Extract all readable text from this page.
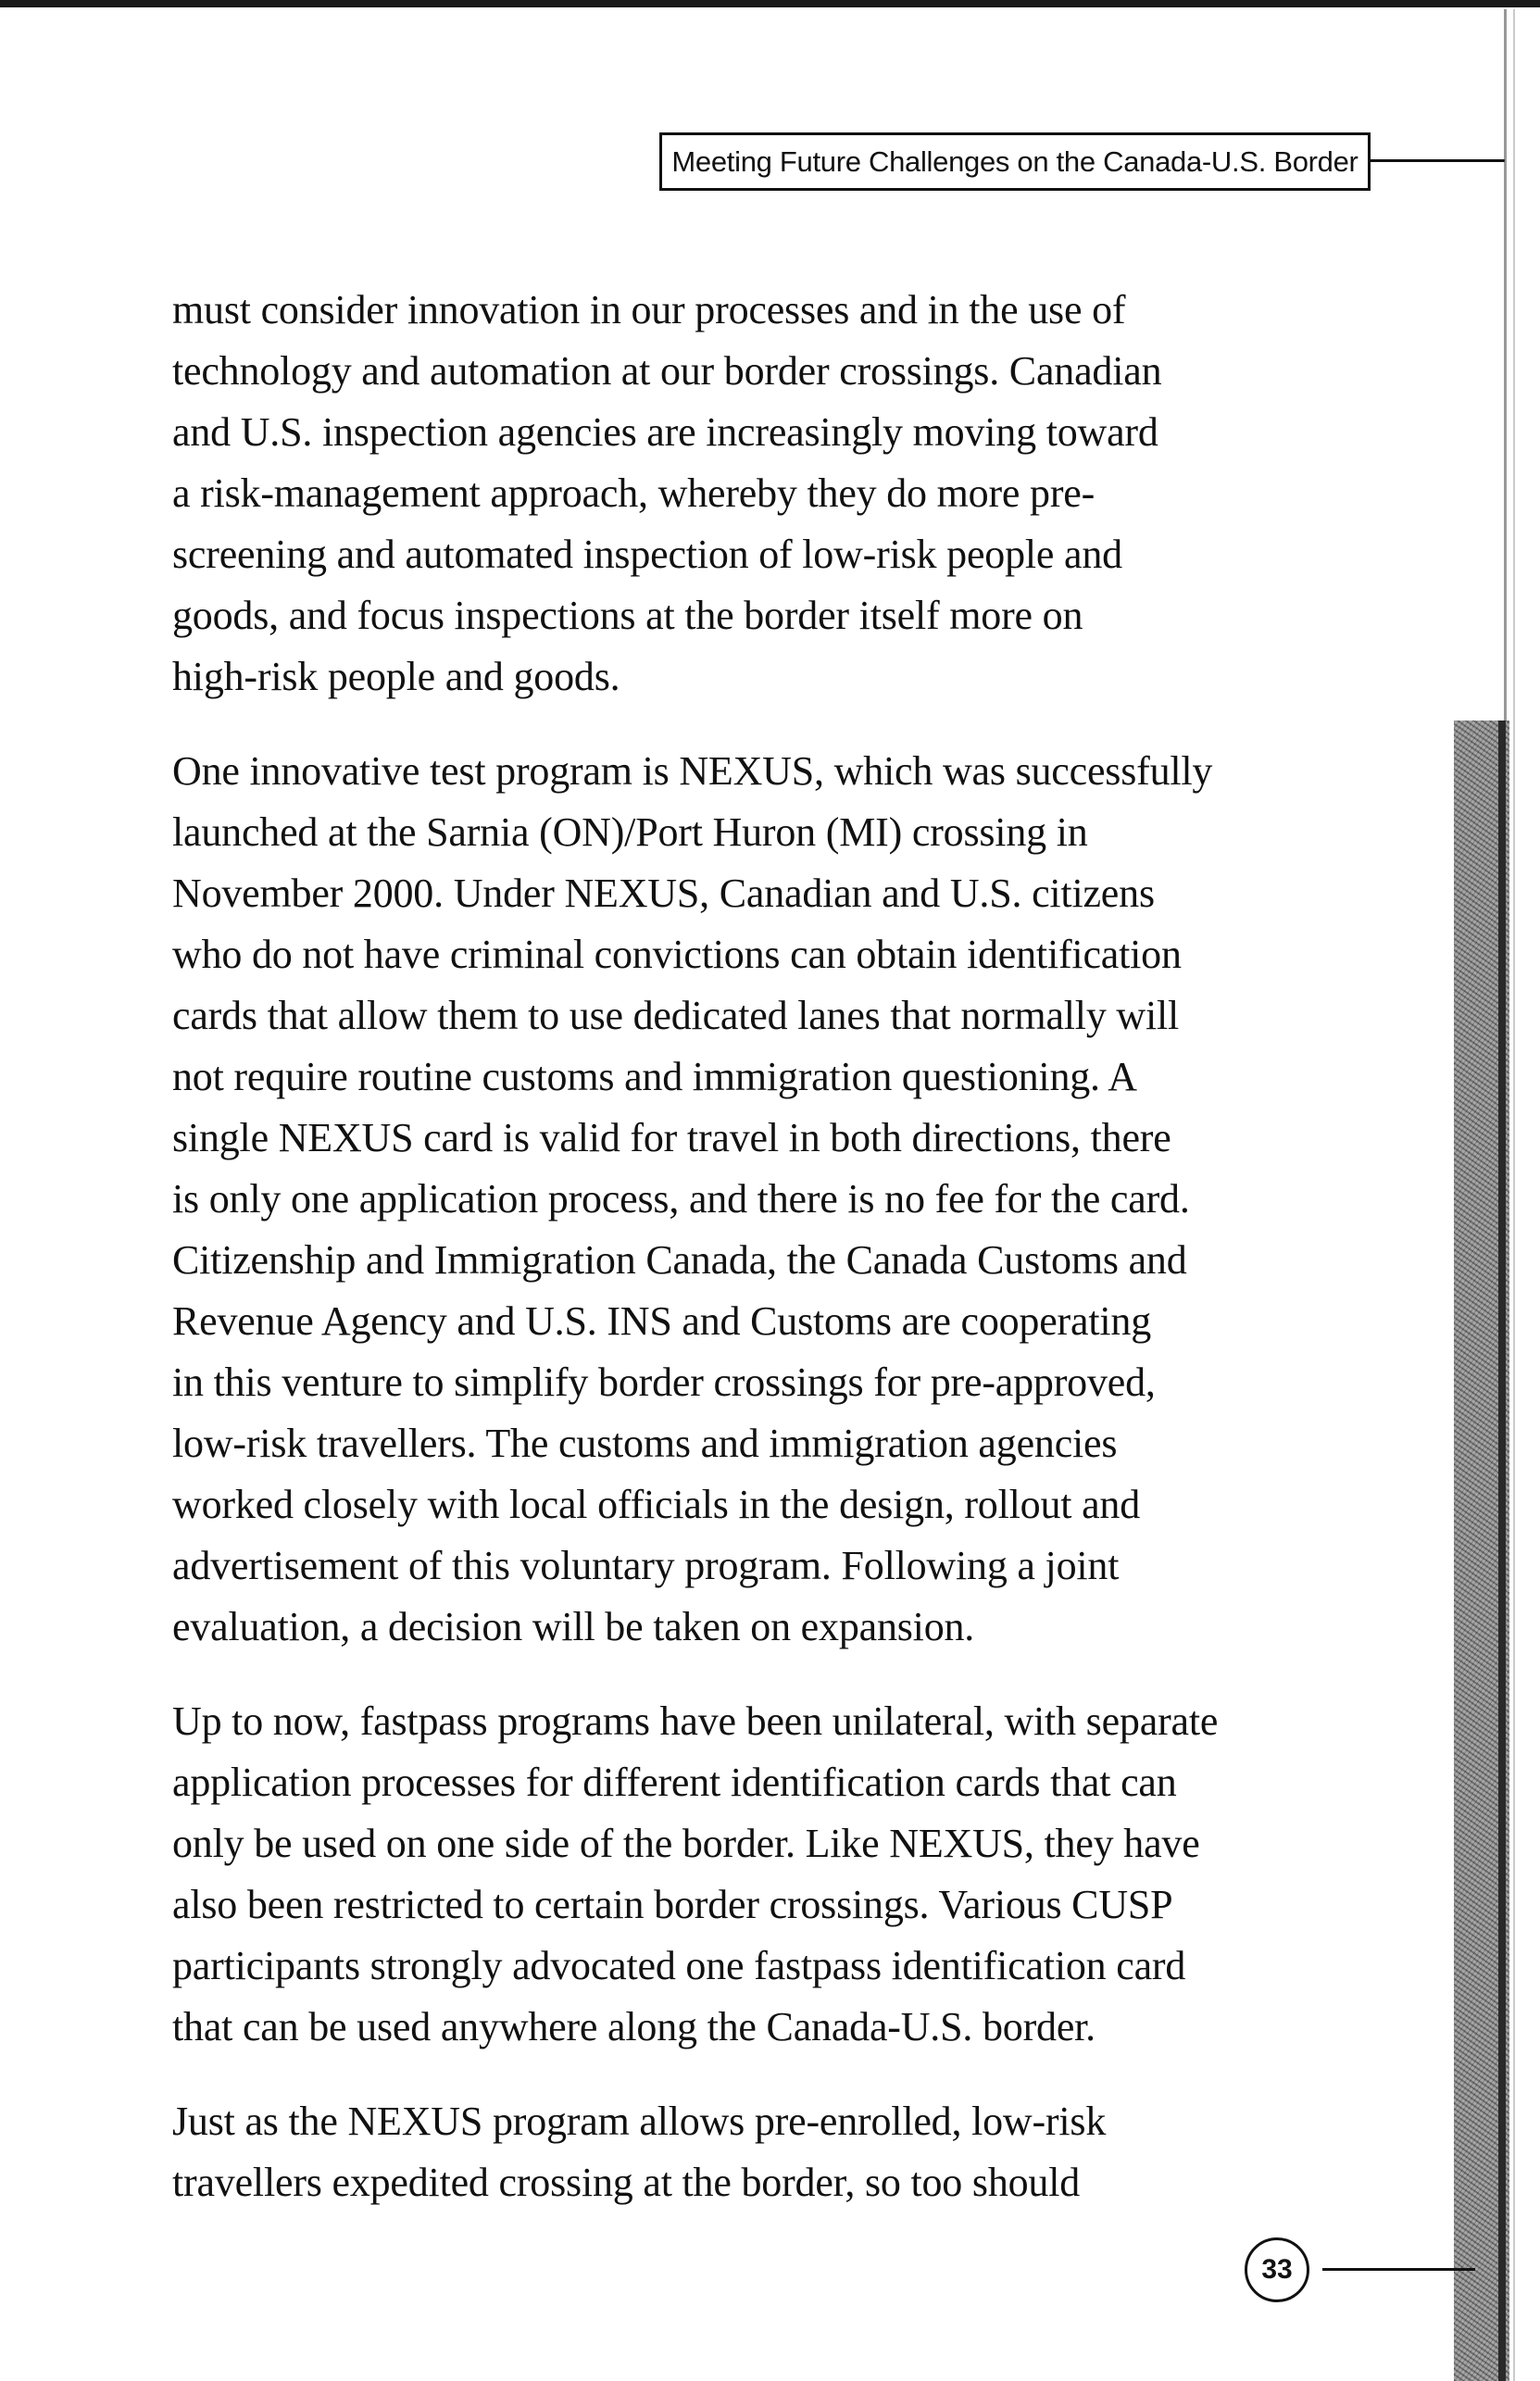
Meeting Future Challenges on the Canada-U.S. Border
must consider innovation in our processes and in the use of
technology and automation at our border crossings. Canadian
and U.S. inspection agencies are increasingly moving toward
a risk-management approach, whereby they do more pre-
screening and automated inspection of low-risk people and
goods, and focus inspections at the border itself more on
high-risk people and goods.
One innovative test program is NEXUS, which was successfully
launched at the Sarnia (ON)/Port Huron (MI) crossing in
November 2000. Under NEXUS, Canadian and U.S. citizens
who do not have criminal convictions can obtain identification
cards that allow them to use dedicated lanes that normally will
not require routine customs and immigration questioning. A
single NEXUS card is valid for travel in both directions, there
is only one application process, and there is no fee for the card.
Citizenship and Immigration Canada, the Canada Customs and
Revenue Agency and U.S. INS and Customs are cooperating
in this venture to simplify border crossings for pre-approved,
low-risk travellers. The customs and immigration agencies
worked closely with local officials in the design, rollout and
advertisement of this voluntary program. Following a joint
evaluation, a decision will be taken on expansion.
Up to now, fastpass programs have been unilateral, with separate
application processes for different identification cards that can
only be used on one side of the border. Like NEXUS, they have
also been restricted to certain border crossings. Various CUSP
participants strongly advocated one fastpass identification card
that can be used anywhere along the Canada-U.S. border.
Just as the NEXUS program allows pre-enrolled, low-risk
travellers expedited crossing at the border, so too should
33
